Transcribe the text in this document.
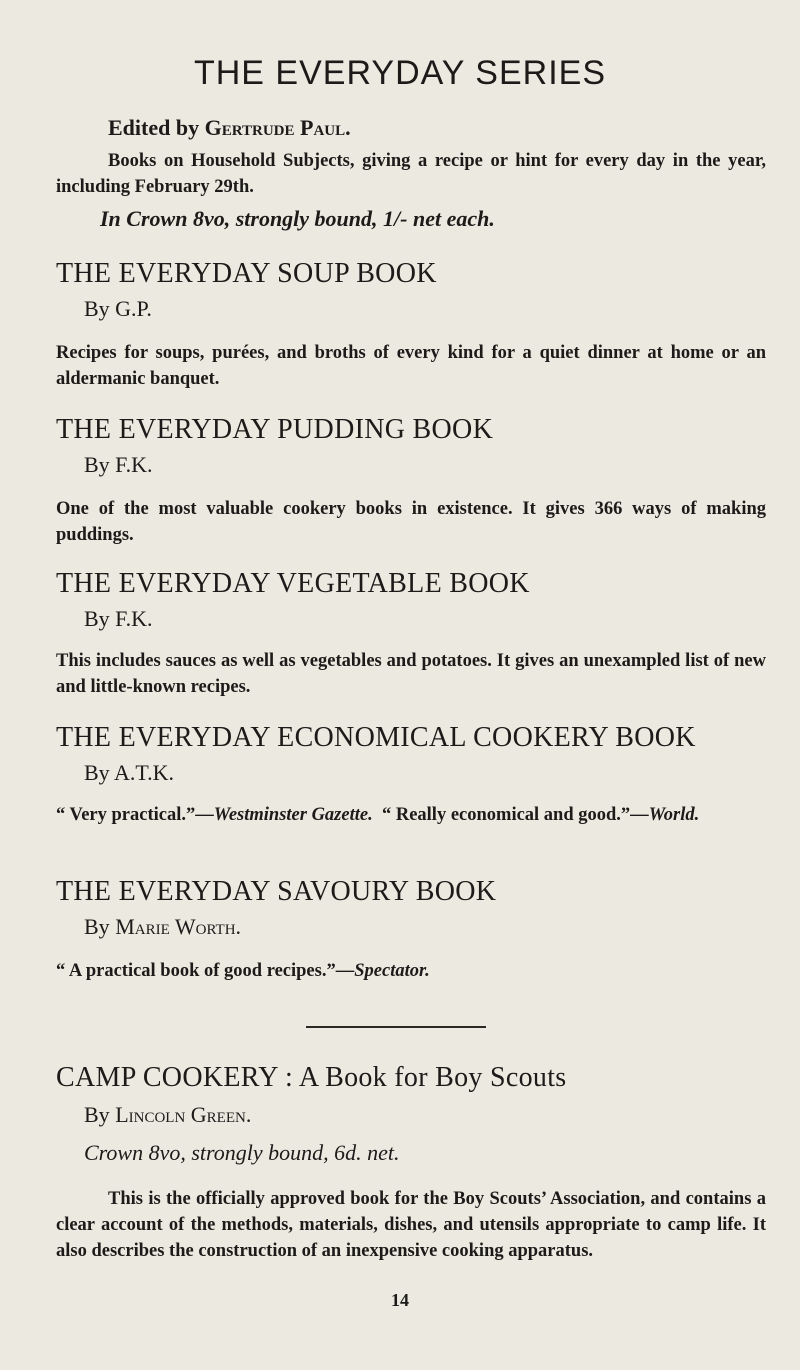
THE EVERYDAY SERIES

Edited by Gertrude Paul.

Books on Household Subjects, giving a recipe or hint for every day in the year, including February 29th.

In Crown 8vo, strongly bound, 1/- net each.

THE EVERYDAY SOUP BOOK

By G.P.

Recipes for soups, purées, and broths of every kind for a quiet dinner at home or an aldermanic banquet.

THE EVERYDAY PUDDING BOOK

By F.K.

One of the most valuable cookery books in existence. It gives 366 ways of making puddings.

THE EVERYDAY VEGETABLE BOOK

By F.K.

This includes sauces as well as vegetables and potatoes. It gives an unexampled list of new and little-known recipes.

THE EVERYDAY ECONOMICAL COOKERY BOOK

By A.T.K.

“ Very practical.”—Westminster Gazette. “ Really economical and good.”—World.

THE EVERYDAY SAVOURY BOOK

By Marie Worth.

“ A practical book of good recipes.”—Spectator.

CAMP COOKERY : A Book for Boy Scouts

By Lincoln Green.

Crown 8vo, strongly bound, 6d. net.

This is the officially approved book for the Boy Scouts’ Association, and contains a clear account of the methods, materials, dishes, and utensils appropriate to camp life. It also describes the construction of an inexpensive cooking apparatus.

14
